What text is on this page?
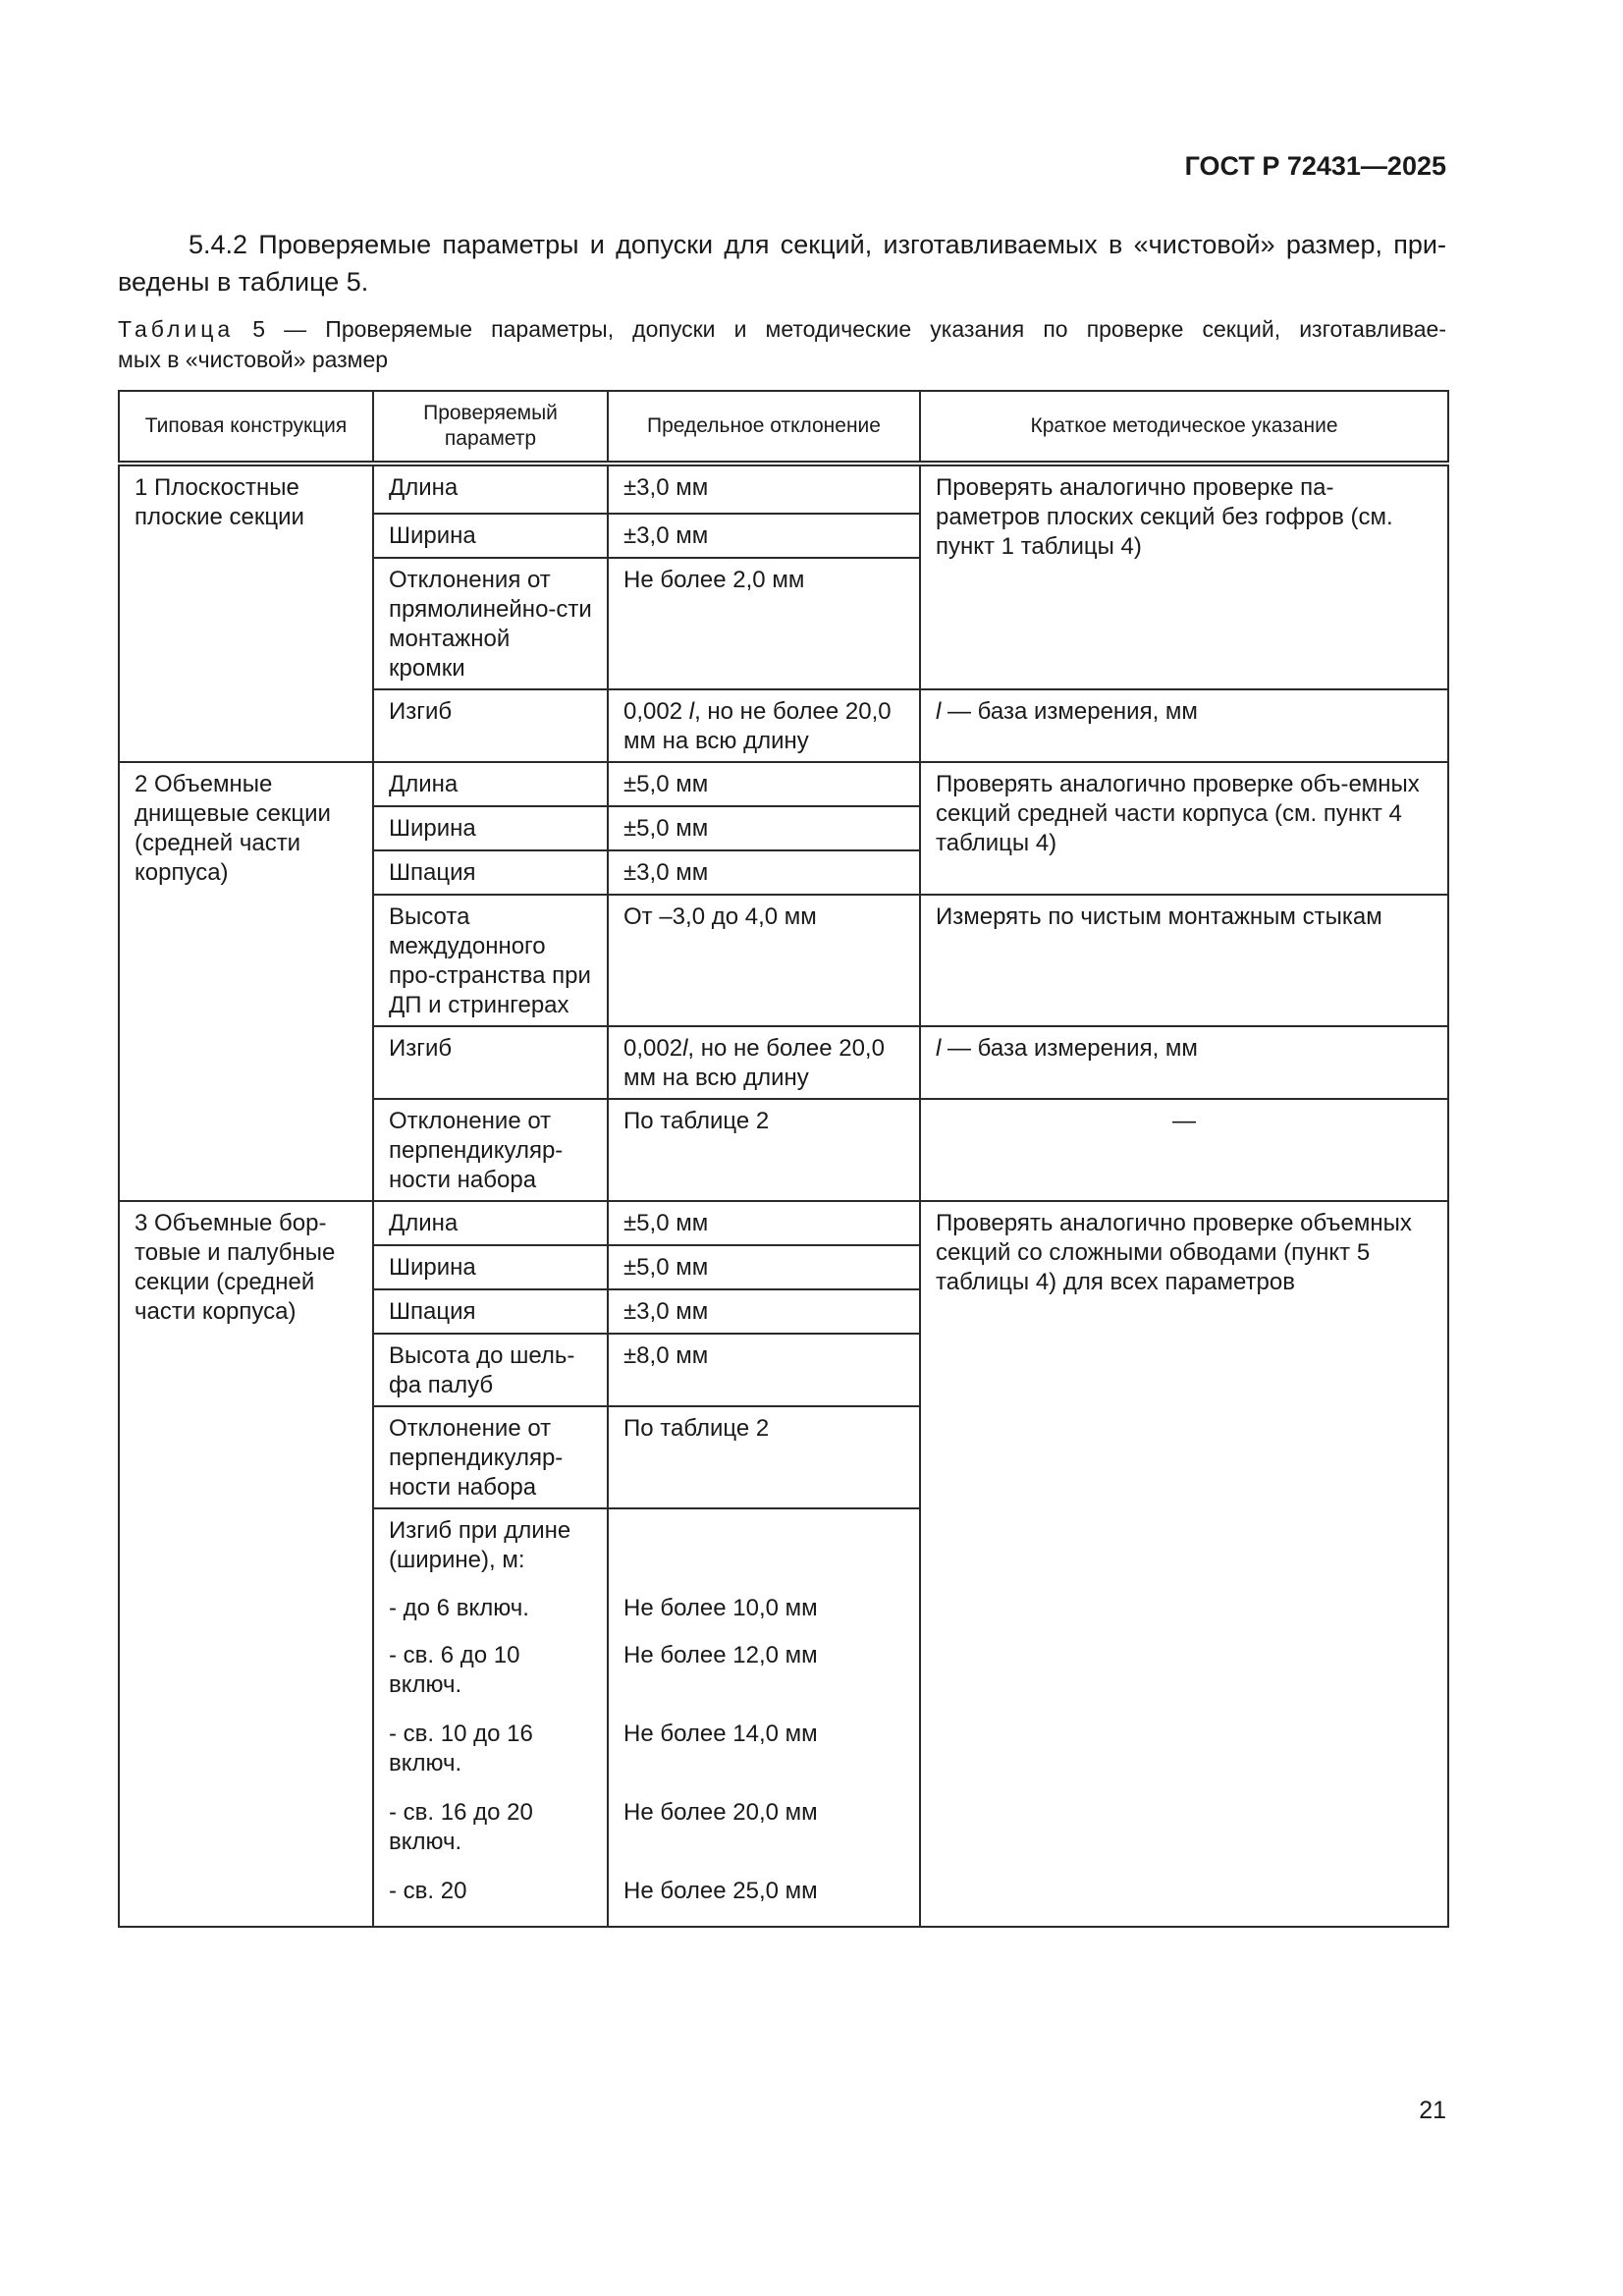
ГОСТ Р 72431—2025
5.4.2 Проверяемые параметры и допуски для секций, изготавливаемых в «чистовой» размер, при-
ведены в таблице 5.
Таблица 5 — Проверяемые параметры, допуски и методические указания по проверке секций, изготавливае-
мых в «чистовой» размер
Типовая конструкция	Проверяемый параметр	Предельное отклонение	Краткое методическое указание
1 Плоскостные плоские секции	Длина	±3,0 мм	Проверять аналогично проверке па-раметров плоских секций без гофров (см. пункт 1 таблицы 4)
	Ширина	±3,0 мм	
	Отклонения от прямолинейно-сти монтажной кромки	Не более 2,0 мм	
	Изгиб	0,002 l, но не более 20,0 мм на всю длину	l — база измерения, мм
2 Объемные днищевые секции (средней части корпуса)	Длина	±5,0 мм	Проверять аналогично проверке объ-емных секций средней части корпуса (см. пункт 4 таблицы 4)
	Ширина	±5,0 мм	
	Шпация	±3,0 мм	
	Высота междудонного про-странства при ДП и стрингерах	От –3,0 до 4,0 мм	Измерять по чистым монтажным стыкам
	Изгиб	0,002l, но не более 20,0 мм на всю длину	l — база измерения, мм
	Отклонение от перпендикуляр-ности набора	По таблице 2	—
3 Объемные бор-товые и палубные секции (средней части корпуса)	Длина	±5,0 мм	Проверять аналогично проверке объемных секций со сложными обводами (пункт 5 таблицы 4) для всех параметров
	Ширина	±5,0 мм	
	Шпация	±3,0 мм	
	Высота до шель-фа палуб	±8,0 мм	
	Отклонение от перпендикуляр-ности набора	По таблице 2	
	Изгиб при длине (ширине), м:		
	- до 6 включ.	Не более 10,0 мм	
	- св. 6 до 10 включ.	Не более 12,0 мм	
	- св. 10 до 16 включ.	Не более 14,0 мм	
	- св. 16 до 20 включ.	Не более 20,0 мм	
	- св. 20	Не более 25,0 мм	
21
